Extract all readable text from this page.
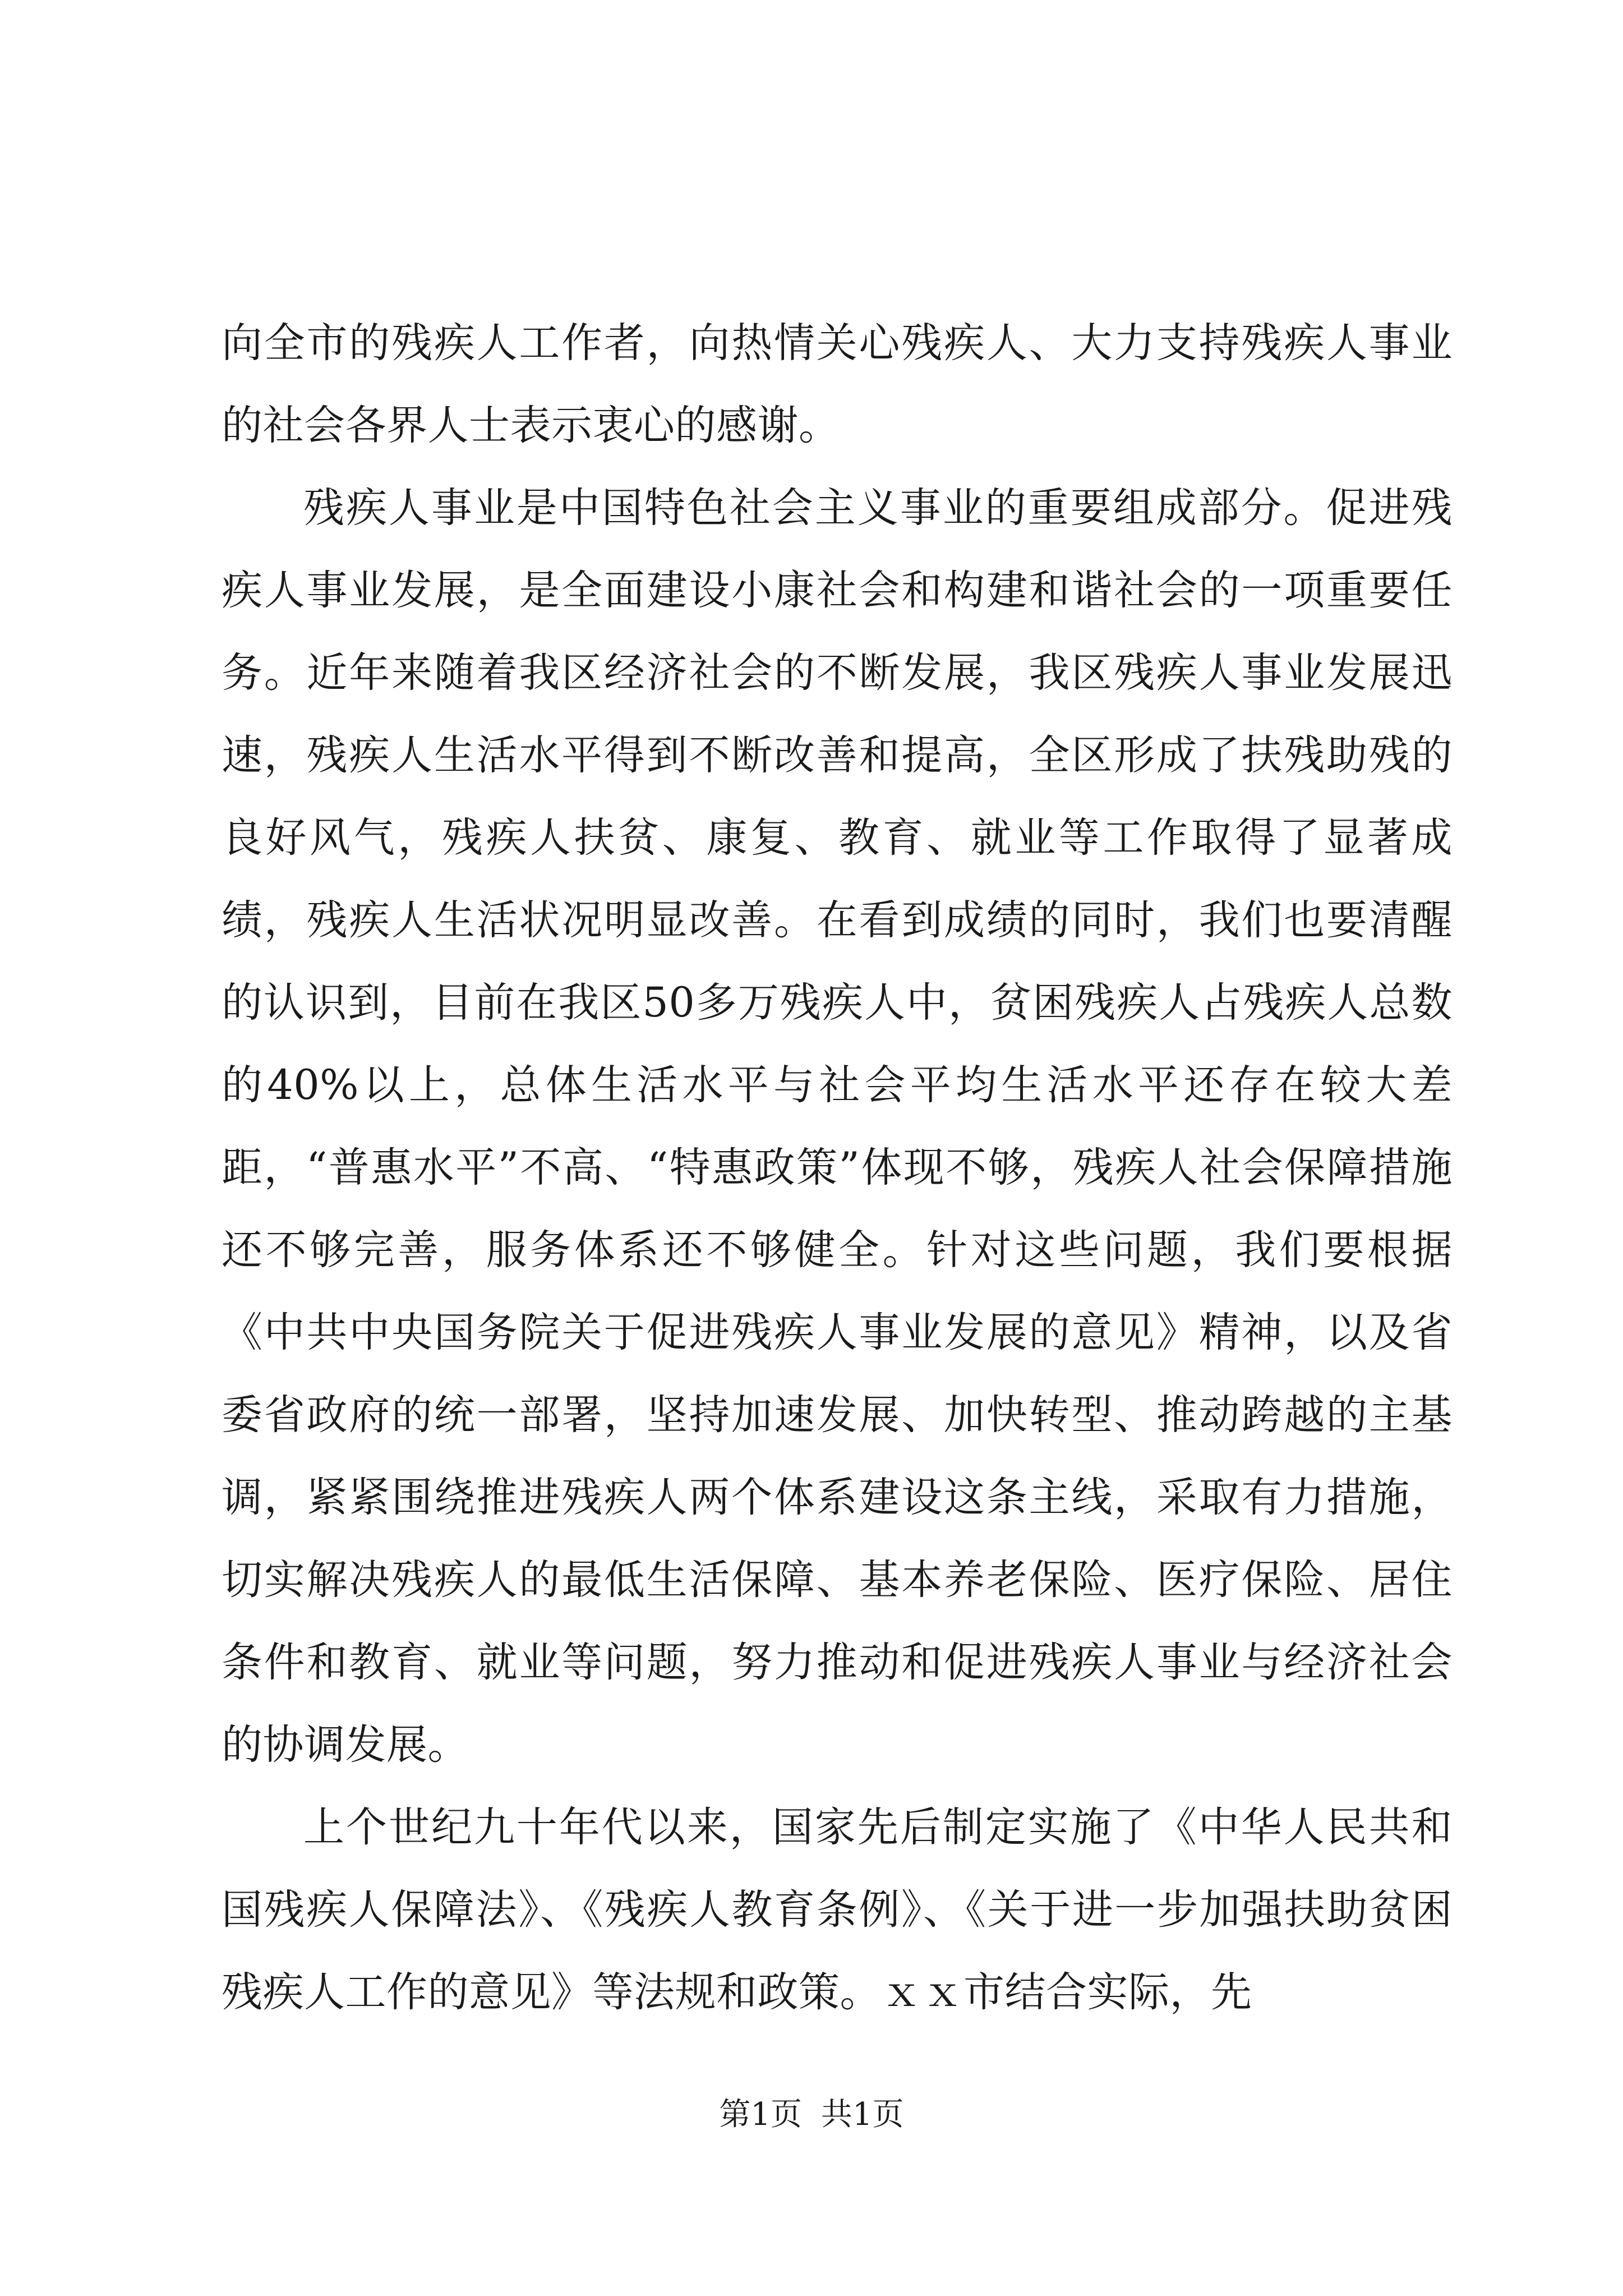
向全市的残疾人工作者，向热情关心残疾人、大力支持残疾人事业的社会各界人士表示衷心的感谢。

残疾人事业是中国特色社会主义事业的重要组成部分。促进残疾人事业发展，是全面建设小康社会和构建和谐社会的一项重要任务。近年来随着我区经济社会的不断发展，我区残疾人事业发展迅速，残疾人生活水平得到不断改善和提高，全区形成了扶残助残的良好风气，残疾人扶贫、康复、教育、就业等工作取得了显著成绩，残疾人生活状况明显改善。在看到成绩的同时，我们也要清醒的认识到，目前在我区50多万残疾人中，贫困残疾人占残疾人总数的40%以上，总体生活水平与社会平均生活水平还存在较大差距，“普惠水平”不高、“特惠政策”体现不够，残疾人社会保障措施还不够完善，服务体系还不够健全。针对这些问题，我们要根据《中共中央国务院关于促进残疾人事业发展的意见》精神，以及省委省政府的统一部署，坚持加速发展、加快转型、推动跨越的主基调，紧紧围绕推进残疾人两个体系建设这条主线，采取有力措施，切实解决残疾人的最低生活保障、基本养老保险、医疗保险、居住条件和教育、就业等问题，努力推动和促进残疾人事业与经济社会的协调发展。

上个世纪九十年代以来，国家先后制定实施了《中华人民共和国残疾人保障法》、《残疾人教育条例》、《关于进一步加强扶助贫困残疾人工作的意见》等法规和政策。ｘｘ市结合实际，先

第1页 共1页
